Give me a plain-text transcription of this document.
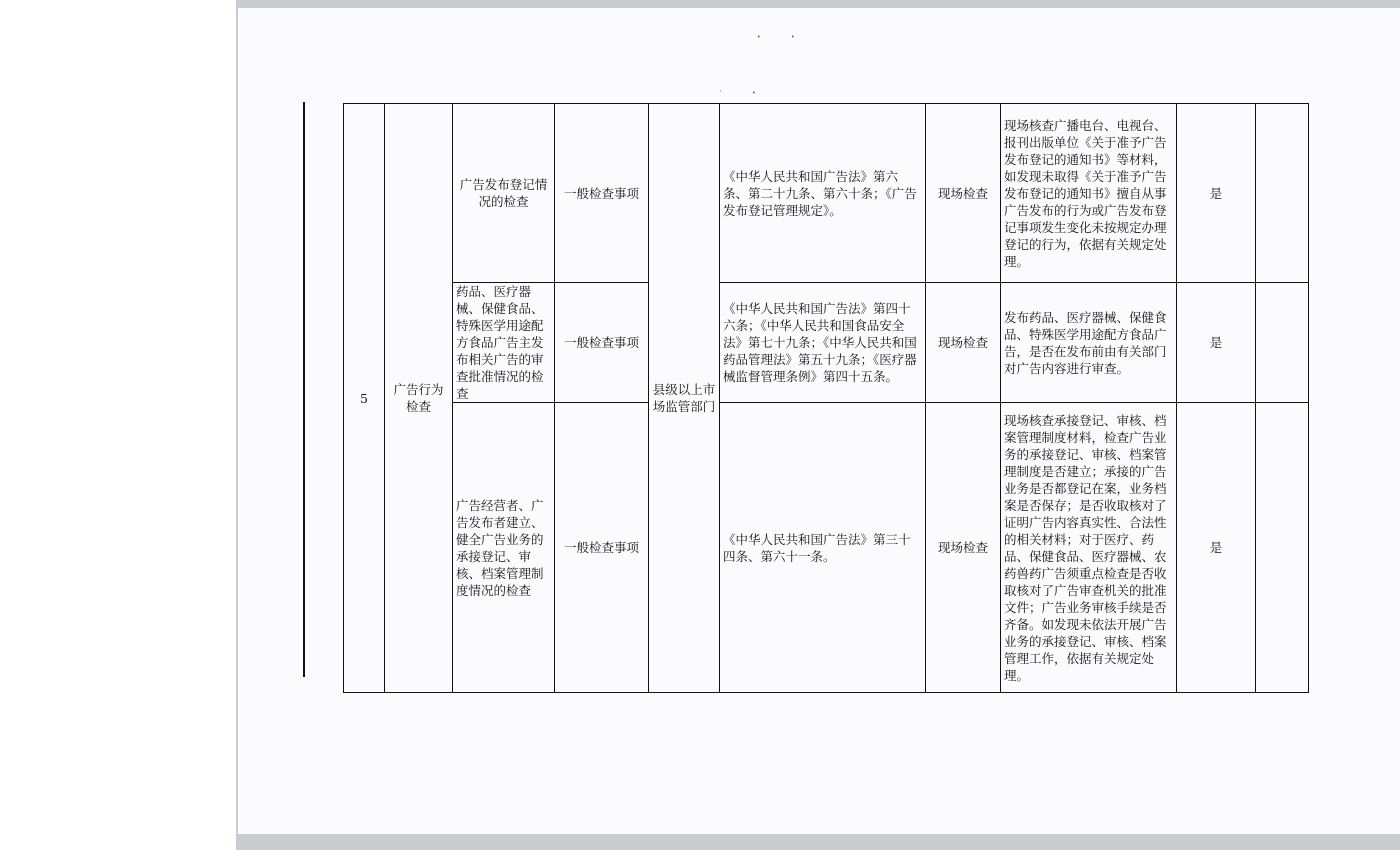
•                •
'                •
5	广告行为检查	广告发布登记情况的检查	一般检查事项	县级以上市场监管部门	《中华人民共和国广告法》第六条、第二十九条、第六十条；《广告发布登记管理规定》。	现场检查	现场核查广播电台、电视台、报刊出版单位《关于准予广告发布登记的通知书》等材料，如发现未取得《关于准予广告发布登记的通知书》擅自从事广告发布的行为或广告发布登记事项发生变化未按规定办理登记的行为，依据有关规定处理。	是	
		药品、医疗器械、保健食品、特殊医学用途配方食品广告主发布相关广告的审查批准情况的检查	一般检查事项		《中华人民共和国广告法》第四十六条；《中华人民共和国食品安全法》第七十九条；《中华人民共和国药品管理法》第五十九条；《医疗器械监督管理条例》第四十五条。	现场检查	发布药品、医疗器械、保健食品、特殊医学用途配方食品广告，是否在发布前由有关部门对广告内容进行审查。	是	
		广告经营者、广告发布者建立、健全广告业务的承接登记、审核、档案管理制度情况的检查	一般检查事项		《中华人民共和国广告法》第三十四条、第六十一条。	现场检查	现场核查承接登记、审核、档案管理制度材料，检查广告业务的承接登记、审核、档案管理制度是否建立；承接的广告业务是否都登记在案，业务档案是否保存；是否收取核对了证明广告内容真实性、合法性的相关材料；对于医疗、药品、保健食品、医疗器械、农药兽药广告须重点检查是否收取核对了广告审查机关的批准文件；广告业务审核手续是否齐备。如发现未依法开展广告业务的承接登记、审核、档案管理工作，依据有关规定处理。	是	
